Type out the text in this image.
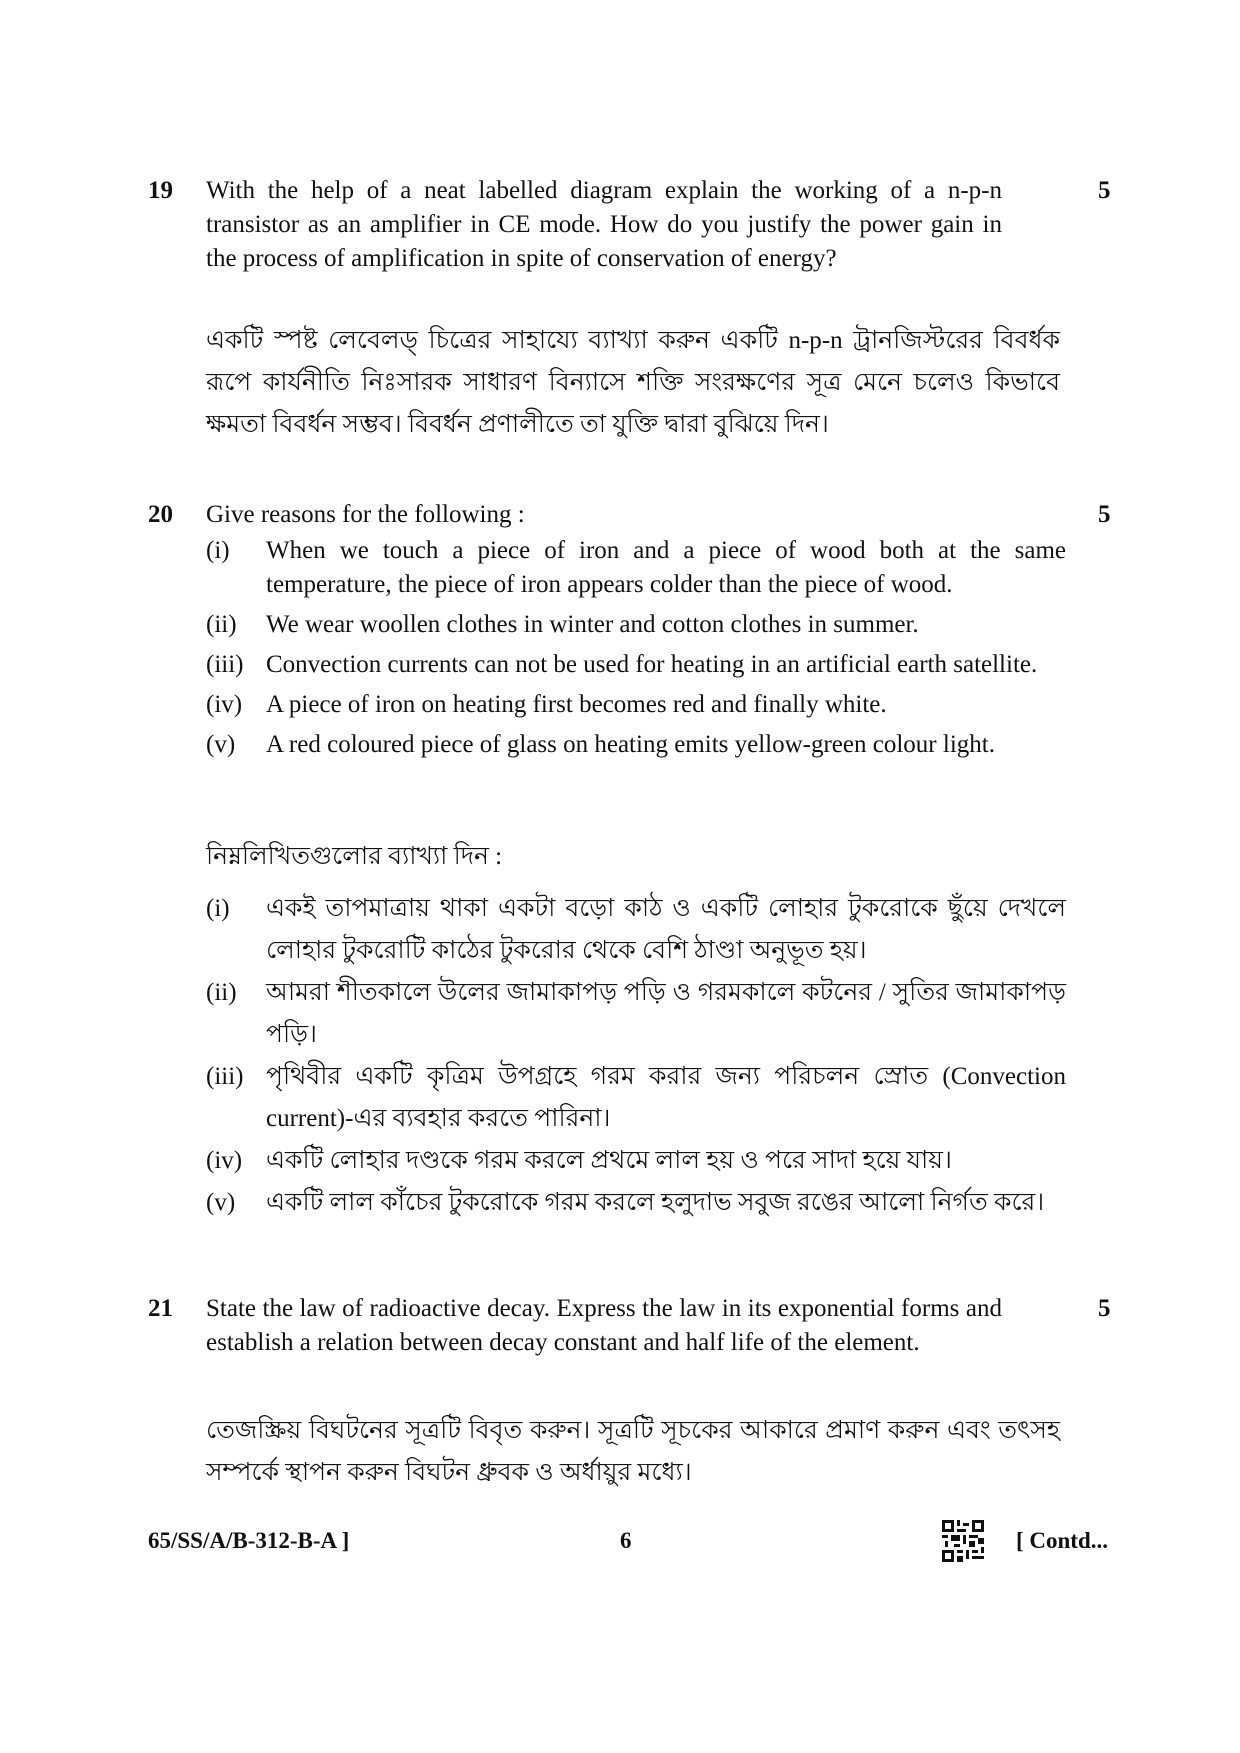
19	5
With the help of a neat labelled diagram explain the working of a n-p-n transistor as an amplifier in CE mode. How do you justify the power gain in the process of amplification in spite of conservation of energy?
একটি স্পষ্ট লেবেলড্ চিত্রের সাহায্যে ব্যাখ্যা করুন একটি n-p-n ট্রানজিস্টরের বিবর্ধক রূপে কার্যনীতি নিঃসারক সাধারণ বিন্যাসে শক্তি সংরক্ষণের সূত্র মেনে চলেও কিভাবে ক্ষমতা বিবর্ধন সম্ভব। বিবর্ধন প্রণালীতে তা যুক্তি দ্বারা বুঝিয়ে দিন।
20	5
Give reasons for the following :
(i) When we touch a piece of iron and a piece of wood both at the same temperature, the piece of iron appears colder than the piece of wood.
(ii) We wear woollen clothes in winter and cotton clothes in summer.
(iii) Convection currents can not be used for heating in an artificial earth satellite.
(iv) A piece of iron on heating first becomes red and finally white.
(v) A red coloured piece of glass on heating emits yellow-green colour light.
নিম্নলিখিতগুলোর ব্যাখ্যা দিন :
(i) একই তাপমাত্রায় থাকা একটা বড়ো কাঠ ও একটি লোহার টুকরোকে ছুঁয়ে দেখলে লোহার টুকরোটি কাঠের টুকরোর থেকে বেশি ঠাণ্ডা অনুভূত হয়।
(ii) আমরা শীতকালে উলের জামাকাপড় পড়ি ও গরমকালে কটনের / সুতির জামাকাপড় পড়ি।
(iii) পৃথিবীর একটি কৃত্রিম উপগ্রহে গরম করার জন্য পরিচলন স্রোত (Convection current)-এর ব্যবহার করতে পারিনা।
(iv) একটি লোহার দণ্ডকে গরম করলে প্রথমে লাল হয় ও পরে সাদা হয়ে যায়।
(v) একটি লাল কাঁচের টুকরোকে গরম করলে হলুদাভ সবুজ রঙের আলো নির্গত করে।
21	5
State the law of radioactive decay. Express the law in its exponential forms and establish a relation between decay constant and half life of the element.
তেজস্ক্রিয় বিঘটনের সূত্রটি বিবৃত করুন। সূত্রটি সূচকের আকারে প্রমাণ করুন এবং তৎসহ সম্পর্কে স্থাপন করুন বিঘটন ধ্রুবক ও অর্ধায়ুর মধ্যে।
65/SS/A/B-312-B-A ]	6	[ Contd...
